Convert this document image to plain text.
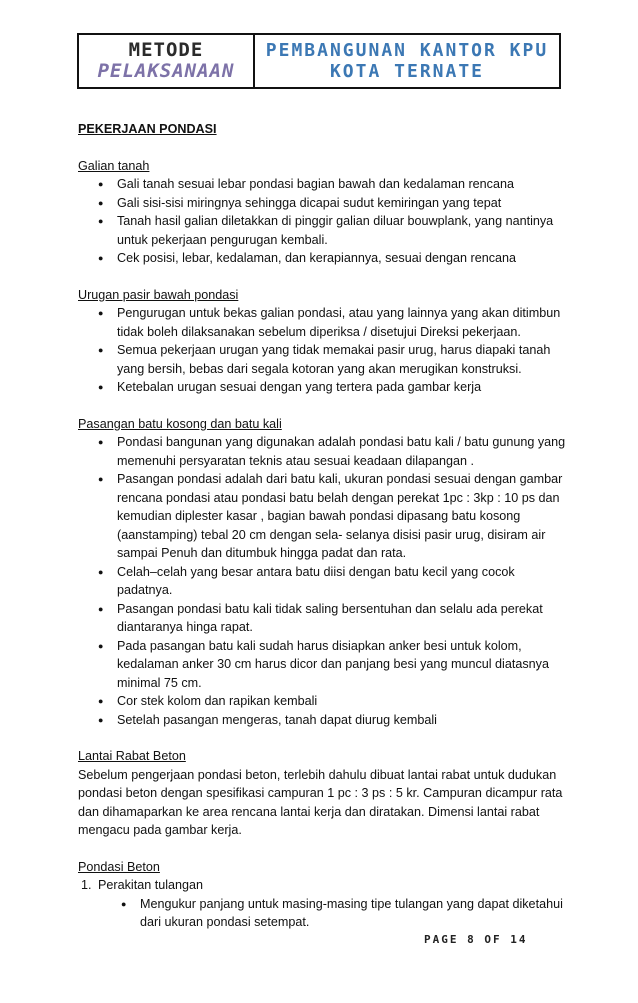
METODE
PELAKSANAAN
PEMBANGUNAN KANTOR KPU
KOTA TERNATE

PEKERJAAN PONDASI

Galian tanah

● Gali tanah sesuai lebar pondasi bagian bawah dan kedalaman rencana
● Gali sisi-sisi miringnya sehingga dicapai sudut kemiringan yang tepat
● Tanah hasil galian diletakkan di pinggir galian diluar bouwplank, yang nantinya untuk pekerjaan pengurugan kembali.
● Cek posisi, lebar, kedalaman, dan kerapiannya, sesuai dengan rencana

Urugan pasir bawah pondasi

● Pengurugan untuk bekas galian pondasi, atau yang lainnya yang akan ditimbun tidak boleh dilaksanakan sebelum diperiksa / disetujui Direksi pekerjaan.
● Semua pekerjaan urugan yang tidak memakai pasir urug, harus diapaki tanah yang bersih, bebas dari segala kotoran yang akan merugikan konstruksi.
● Ketebalan urugan sesuai dengan yang tertera pada gambar kerja

Pasangan batu kosong dan batu kali

● Pondasi bangunan yang digunakan adalah pondasi batu kali / batu gunung yang memenuhi persyaratan teknis atau sesuai keadaan dilapangan .
● Pasangan pondasi adalah dari batu kali, ukuran pondasi sesuai dengan gambar rencana pondasi atau pondasi batu belah dengan perekat 1pc : 3kp : 10 ps dan kemudian diplester kasar , bagian bawah pondasi dipasang batu kosong (aanstamping) tebal 20 cm dengan sela- selanya disisi pasir urug, disiram air sampai Penuh dan ditumbuk hingga padat dan rata.
● Celah–celah yang besar antara batu diisi dengan batu kecil yang cocok padatnya.
● Pasangan pondasi batu kali tidak saling bersentuhan dan selalu ada perekat diantaranya hinga rapat.
● Pada pasangan batu kali sudah harus disiapkan anker besi untuk kolom, kedalaman anker 30 cm harus dicor dan panjang besi yang muncul diatasnya minimal 75 cm.
● Cor stek kolom dan rapikan kembali
● Setelah pasangan mengeras, tanah dapat diurug kembali

Lantai Rabat Beton

Sebelum pengerjaan pondasi beton, terlebih dahulu dibuat lantai rabat untuk dudukan pondasi beton dengan spesifikasi campuran 1 pc : 3 ps : 5 kr. Campuran dicampur rata dan dihamaparkan ke area rencana lantai kerja dan diratakan. Dimensi lantai rabat mengacu pada gambar kerja.

Pondasi Beton

1. Perakitan tulangan
● Mengukur panjang untuk masing-masing tipe tulangan yang dapat diketahui dari ukuran pondasi setempat.
PAGE 8 OF 14
